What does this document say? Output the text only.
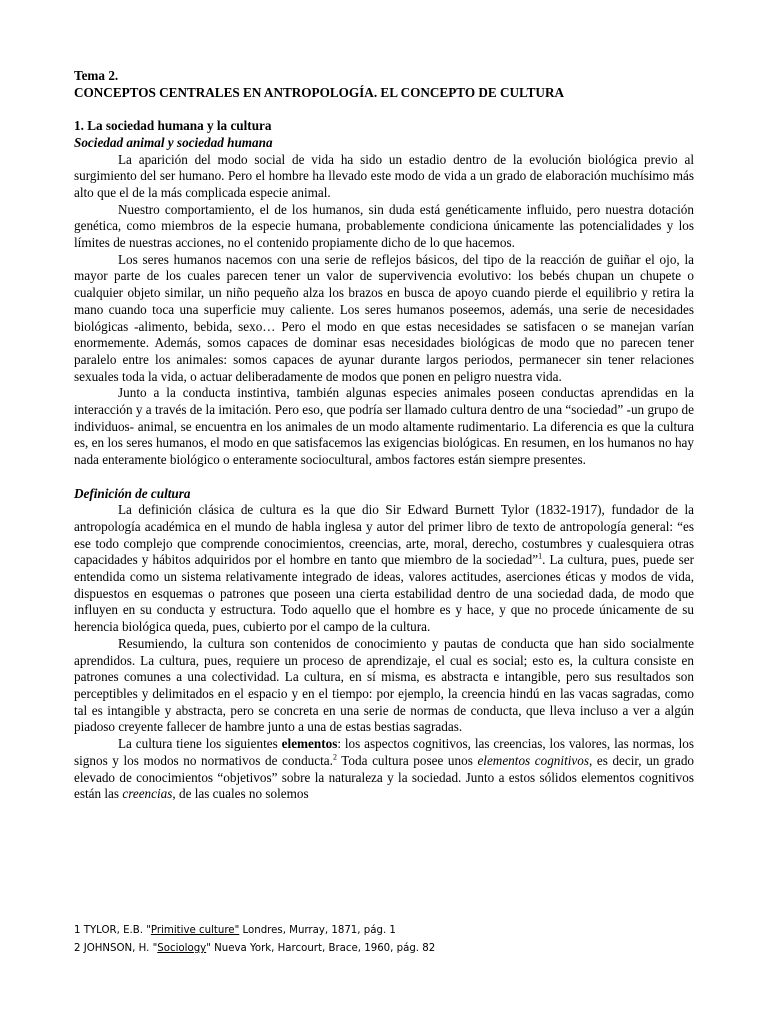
Tema 2.

CONCEPTOS CENTRALES EN ANTROPOLOGÍA. EL CONCEPTO DE CULTURA

1. La sociedad humana y la cultura

Sociedad animal y sociedad humana

La aparición del modo social de vida ha sido un estadio dentro de la evolución biológica previo al surgimiento del ser humano. Pero el hombre ha llevado este modo de vida a un grado de elaboración muchísimo más alto que el de la más complicada especie animal.

Nuestro comportamiento, el de los humanos, sin duda está genéticamente influido, pero nuestra dotación genética, como miembros de la especie humana, probablemente condiciona únicamente las potencialidades y los límites de nuestras acciones, no el contenido propiamente dicho de lo que hacemos.

Los seres humanos nacemos con una serie de reflejos básicos, del tipo de la reacción de guiñar el ojo, la mayor parte de los cuales parecen tener un valor de supervivencia evolutivo: los bebés chupan un chupete o cualquier objeto similar, un niño pequeño alza los brazos en busca de apoyo cuando pierde el equilibrio y retira la mano cuando toca una superficie muy caliente. Los seres humanos poseemos, además, una serie de necesidades biológicas -alimento, bebida, sexo… Pero el modo en que estas necesidades se satisfacen o se manejan varían enormemente. Además, somos capaces de dominar esas necesidades biológicas de modo que no parecen tener paralelo entre los animales: somos capaces de ayunar durante largos periodos, permanecer sin tener relaciones sexuales toda la vida, o actuar deliberadamente de modos que ponen en peligro nuestra vida.

Junto a la conducta instintiva, también algunas especies animales poseen conductas aprendidas en la interacción y a través de la imitación. Pero eso, que podría ser llamado cultura dentro de una “sociedad” -un grupo de individuos- animal, se encuentra en los animales de un modo altamente rudimentario. La diferencia es que la cultura es, en los seres humanos, el modo en que satisfacemos las exigencias biológicas. En resumen, en los humanos no hay nada enteramente biológico o enteramente sociocultural, ambos factores están siempre presentes.

Definición de cultura

La definición clásica de cultura es la que dio Sir Edward Burnett Tylor (1832-1917), fundador de la antropología académica en el mundo de habla inglesa y autor del primer libro de texto de antropología general: “es ese todo complejo que comprende conocimientos, creencias, arte, moral, derecho, costumbres y cualesquiera otras capacidades y hábitos adquiridos por el hombre en tanto que miembro de la sociedad”$^1$. La cultura, pues, puede ser entendida como un sistema relativamente integrado de ideas, valores actitudes, aserciones éticas y modos de vida, dispuestos en esquemas o patrones que poseen una cierta estabilidad dentro de una sociedad dada, de modo que influyen en su conducta y estructura. Todo aquello que el hombre es y hace, y que no procede únicamente de su herencia biológica queda, pues, cubierto por el campo de la cultura.

Resumiendo, la cultura son contenidos de conocimiento y pautas de conducta que han sido socialmente aprendidos. La cultura, pues, requiere un proceso de aprendizaje, el cual es social; esto es, la cultura consiste en patrones comunes a una colectividad. La cultura, en sí misma, es abstracta e intangible, pero sus resultados son perceptibles y delimitados en el espacio y en el tiempo: por ejemplo, la creencia hindú en las vacas sagradas, como tal es intangible y abstracta, pero se concreta en una serie de normas de conducta, que lleva incluso a ver a algún piadoso creyente fallecer de hambre junto a una de estas bestias sagradas.

La cultura tiene los siguientes elementos: los aspectos cognitivos, las creencias, los valores, las normas, los signos y los modos no normativos de conducta.$^2$ Toda cultura posee unos elementos cognitivos, es decir, un grado elevado de conocimientos “objetivos” sobre la naturaleza y la sociedad. Junto a estos sólidos elementos cognitivos están las creencias, de las cuales no solemos

1 TYLOR, E.B. "Primitive culture" Londres, Murray, 1871, pág. 1
2 JOHNSON, H. "Sociology" Nueva York, Harcourt, Brace, 1960, pág. 82
